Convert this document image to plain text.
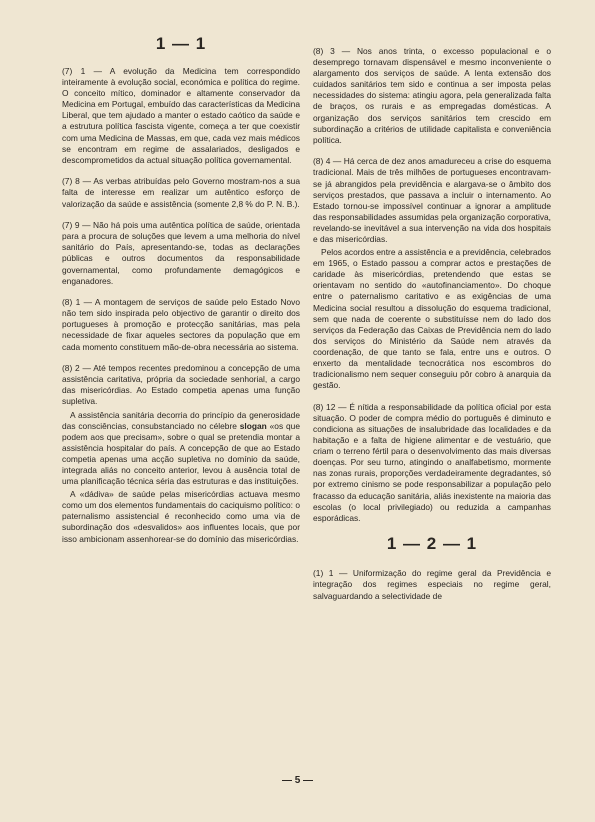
1 — 1

(7) 1 — A evolução da Medicina tem correspondido inteiramente à evolução social, económica e política do regime. O conceito mítico, dominador e altamente conservador da Medicina em Portugal, embuído das características da Medicina Liberal, que tem ajudado a manter o estado caótico da saúde e a estrutura política fascista vigente, começa a ter que coexistir com uma Medicina de Massas, em que, cada vez mais médicos se encontram em regime de assalariados, desligados e descomprometidos da actual situação política governamental.

(7) 8 — As verbas atribuídas pelo Governo mostram-nos a sua falta de interesse em realizar um autêntico esforço de valorização da saúde e assistência (somente 2,8 % do P. N. B.).

(7) 9 — Não há pois uma autêntica política de saúde, orientada para a procura de soluções que levem a uma melhoria do nível sanitário do País, apresentando-se, todas as declarações públicas e outros documentos da responsabilidade governamental, como profundamente demagógicos e enganadores.

(8) 1 — A montagem de serviços de saúde pelo Estado Novo não tem sido inspirada pelo objectivo de garantir o direito dos portugueses à promoção e protecção sanitárias, mas pela necessidade de fixar aqueles sectores da população que em cada momento constituem mão-de-obra necessária ao sistema.

(8) 2 — Até tempos recentes predominou a concepção de uma assistência caritativa, própria da sociedade senhorial, a cargo das misericórdias. Ao Estado competia apenas uma função supletiva.

A assistência sanitária decorria do princípio da generosidade das consciências, consubstanciado no célebre slogan «os que podem aos que precisam», sobre o qual se pretendia montar a assistência hospitalar do país. A concepção de que ao Estado competia apenas uma acção supletiva no domínio da saúde, integrada aliás no conceito anterior, levou à ausência total de uma planificação técnica séria das estruturas e das instituições.

A «dádiva» de saúde pelas misericórdias actuava mesmo como um dos elementos fundamentais do caciquismo político: o paternalismo assistencial é reconhecido como uma via de subordinação dos «desvalidos» aos influentes locais, que por isso ambicionam assenhorear-se do domínio das misericórdias.

(8) 3 — Nos anos trinta, o excesso populacional e o desemprego tornavam dispensável e mesmo inconveniente o alargamento dos serviços de saúde. A lenta extensão dos cuidados sanitários tem sido e continua a ser imposta pelas necessidades do sistema: atingiu agora, pela generalizada falta de braços, os rurais e as empregadas domésticas. A organização dos serviços sanitários tem crescido em subordinação a critérios de utilidade capitalista e conveniência política.

(8) 4 — Há cerca de dez anos amadureceu a crise do esquema tradicional. Mais de três milhões de portugueses encontravam-se já abrangidos pela previdência e alargava-se o âmbito dos serviços prestados, que passava a incluir o internamento. Ao Estado tornou-se impossível continuar a ignorar a amplitude das responsabilidades assumidas pela organização corporativa, revelando-se inevitável a sua intervenção na vida dos hospitais e das misericórdias.

Pelos acordos entre a assistência e a previdência, celebrados em 1965, o Estado passou a comprar actos e prestações de caridade às misericórdias, pretendendo que estas se orientavam no sentido do «autofinanciamento». Do choque entre o paternalismo caritativo e as exigências de uma Medicina social resultou a dissolução do esquema tradicional, sem que nada de coerente o substituísse nem do lado dos serviços da Federação das Caixas de Previdência nem do lado dos serviços do Ministério da Saúde nem através da coordenação, de que tanto se fala, entre uns e outros. O enxerto da mentalidade tecnocrática nos escombros do tradicionalismo nem sequer conseguiu pôr cobro à anarquia da gestão.

(8) 12 — É nítida a responsabilidade da política oficial por esta situação. O poder de compra médio do português é diminuto e condiciona as situações de insalubridade das localidades e da habitação e a falta de higiene alimentar e de vestuário, que criam o terreno fértil para o desenvolvimento das mais diversas doenças. Por seu turno, atingindo o analfabetismo, mormente nas zonas rurais, proporções verdadeiramente degradantes, só por extremo cinismo se pode responsabilizar a população pelo fracasso da educação sanitária, aliás inexistente na maioria das escolas (o local privilegiado) ou reduzida a campanhas esporádicas.

1 — 2 — 1

(1) 1 — Uniformização do regime geral da Previdência e integração dos regimes especiais no regime geral, salvaguardando a selectividade de

— 5 —
